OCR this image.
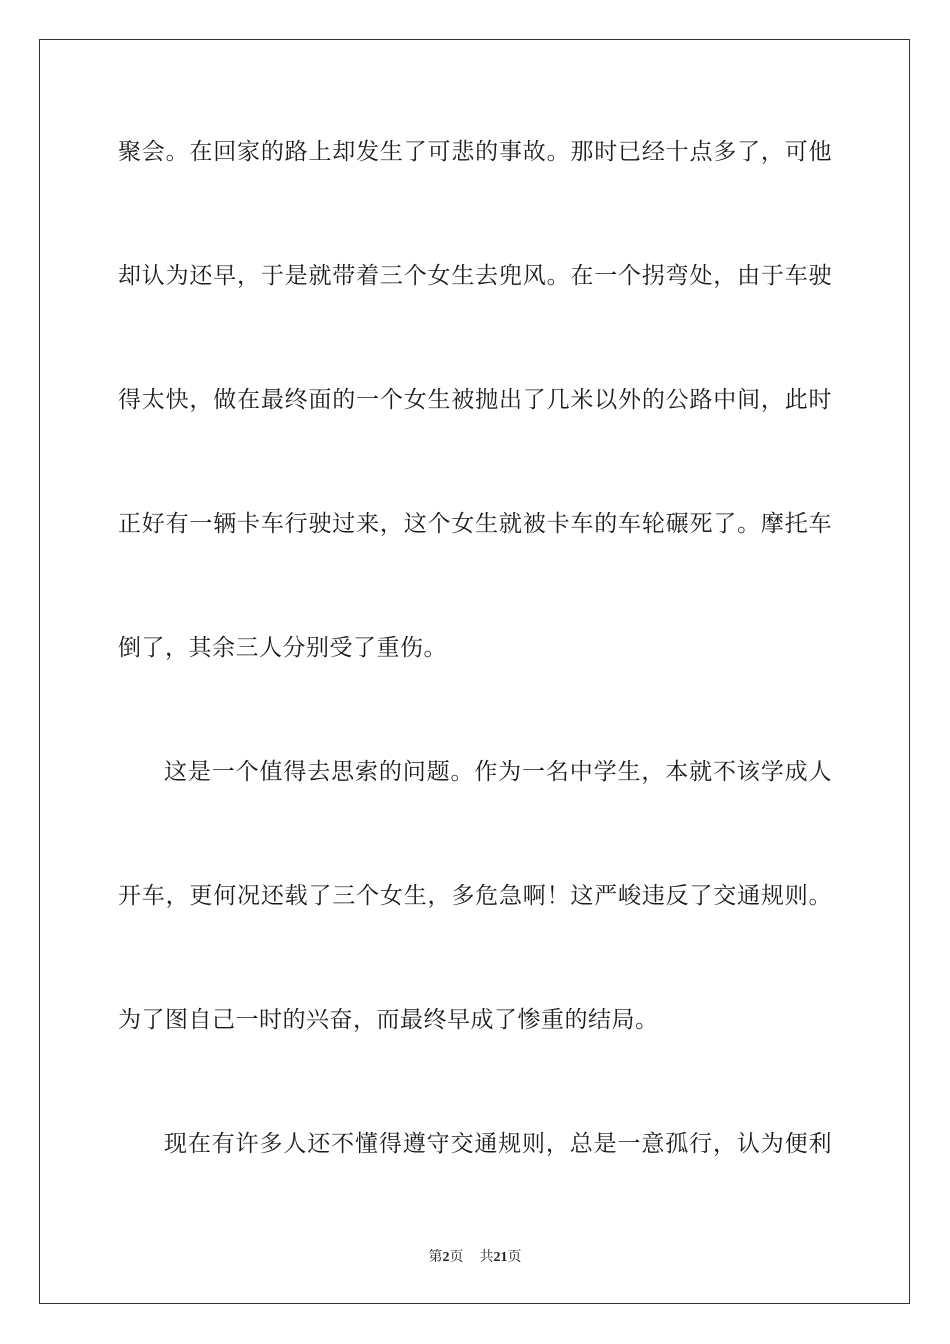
聚会。在回家的路上却发生了可悲的事故。那时已经十点多了，可他
却认为还早，于是就带着三个女生去兜风。在一个拐弯处，由于车驶
得太快，做在最终面的一个女生被抛出了几米以外的公路中间，此时
正好有一辆卡车行驶过来，这个女生就被卡车的车轮碾死了。摩托车
倒了，其余三人分别受了重伤。
这是一个值得去思索的问题。作为一名中学生，本就不该学成人
开车，更何况还载了三个女生，多危急啊！这严峻违反了交通规则。
为了图自己一时的兴奋，而最终早成了惨重的结局。
现在有许多人还不懂得遵守交通规则，总是一意孤行，认为便利
第2页 共21页
